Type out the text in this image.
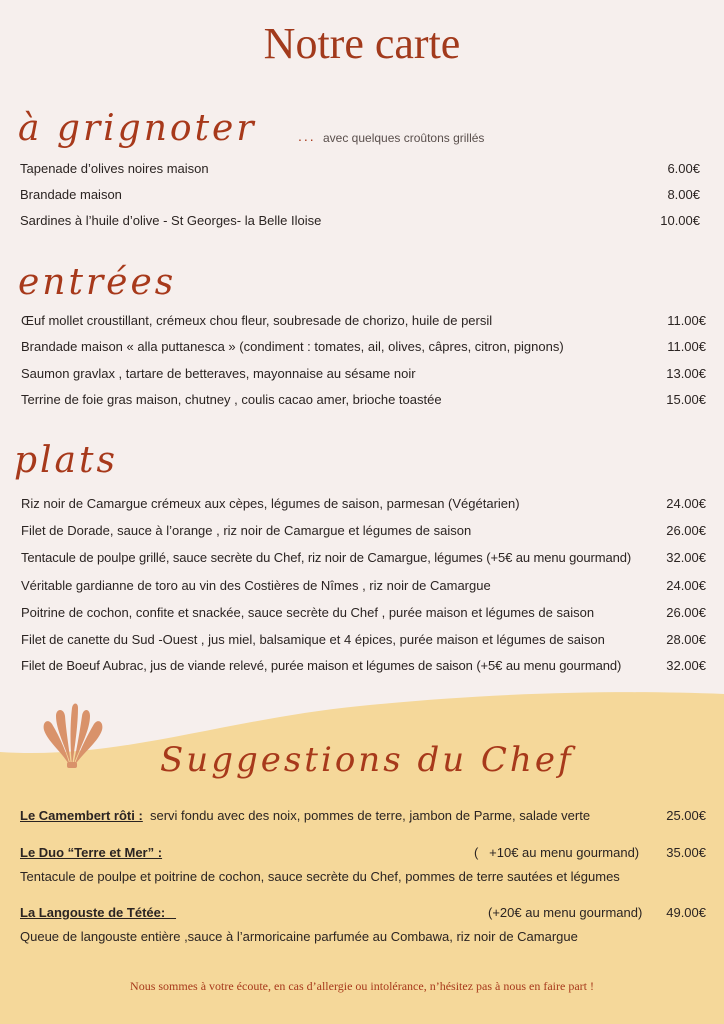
Notre carte
à grignoter	... avec quelques croûtons grillés
Tapenade d’olives noires maison	6.00€
Brandade maison	8.00€
Sardines à l’huile d’olive - St Georges- la Belle Iloise	10.00€
entrées
Œuf mollet croustillant, crémeux chou fleur, soubresade de chorizo, huile de persil	11.00€
Brandade maison « alla puttanesca » (condiment : tomates, ail, olives, câpres, citron, pignons)	11.00€
Saumon gravlax , tartare de betteraves, mayonnaise au sésame noir	13.00€
Terrine de foie gras maison, chutney , coulis cacao amer, brioche toastée	15.00€
plats
Riz noir de Camargue crémeux aux cèpes, légumes de saison, parmesan (Végétarien)	24.00€
Filet de Dorade, sauce à l’orange , riz noir de Camargue et légumes de saison	26.00€
Tentacule de poulpe grillé, sauce secrète du Chef, riz noir de Camargue, légumes (+5€ au menu gourmand)	32.00€
Véritable gardianne de toro au vin des Costières de Nîmes , riz noir de Camargue	24.00€
Poitrine de cochon, confite et snackée, sauce secrète du Chef , purée maison et légumes de saison	26.00€
Filet de canette du Sud -Ouest , jus miel, balsamique et 4 épices, purée maison et légumes de saison	28.00€
Filet de Boeuf Aubrac, jus de viande relevé, purée maison et légumes de saison (+5€ au menu gourmand)	32.00€
Suggestions du Chef
Le Camembert rôti : servi fondu avec des noix, pommes de terre, jambon de Parme, salade verte	25.00€
Le Duo “Terre et Mer” :	(   +10€ au menu gourmand)	35.00€
Tentacule de poulpe et poitrine de cochon, sauce secrète du Chef, pommes de terre sautées et légumes
La Langouste de Tétée:	(+20€ au menu gourmand)	49.00€
Queue de langouste entière ,sauce à l’armoricaine parfumée au Combawa, riz noir de Camargue
Nous sommes à votre écoute, en cas d’allergie ou intolérance, n’hésitez pas à nous en faire part !
